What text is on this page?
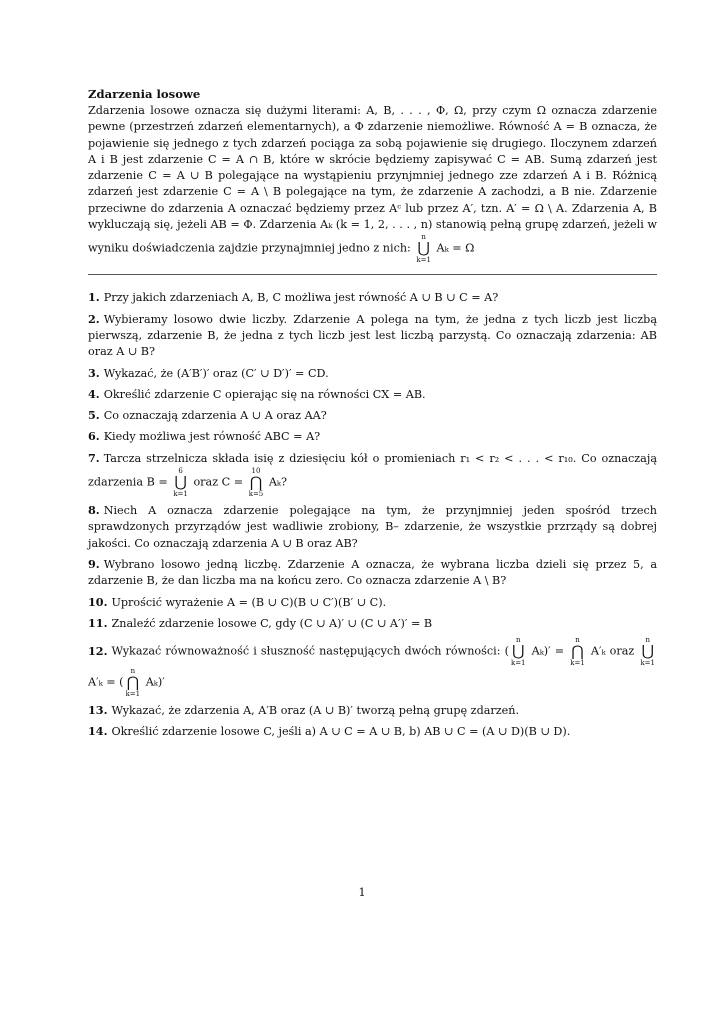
Zdarzenia losowe

Zdarzenia losowe oznacza się dużymi literami: A, B, . . . , Φ, Ω, przy czym Ω oznacza zdarzenie pewne (przestrzeń zdarzeń elementarnych), a Φ zdarzenie niemożliwe. Równość A = B oznacza, że pojawienie się jednego z tych zdarzeń pociąga za sobą pojawienie się drugiego. Iloczynem zdarzeń A i B jest zdarzenie C = A ∩ B, które w skrócie będziemy zapisywać C = AB. Sumą zdarzeń jest zdarzenie C = A ∪ B polegające na wystąpieniu przynjmniej jednego zze zdarzeń A i B. Różnicą zdarzeń jest zdarzenie C = A \ B polegające na tym, że zdarzenie A zachodzi, a B nie. Zdarzenie przeciwne do zdarzenia A oznaczać będziemy przez Aᶜ lub przez A′, tzn. A′ = Ω \ A. Zdarzenia A, B wykluczają się, jeżeli AB = Φ. Zdarzenia Aₖ (k = 1, 2, . . . , n) stanowią pełną grupę zdarzeń, jeżeli w wyniku doświadczenia zajdzie przynajmniej jedno z nich:
n
⋃
k=1
Aₖ = Ω

1. Przy jakich zdarzeniach A, B, C możliwa jest równość A ∪ B ∪ C = A?

2. Wybieramy losowo dwie liczby. Zdarzenie A polega na tym, że jedna z tych liczb jest liczbą pierwszą, zdarzenie B, że jedna z tych liczb jest lest liczbą parzystą. Co oznaczają zdarzenia: AB oraz A ∪ B?

3. Wykazać, że (A′B′)′ oraz (C′ ∪ D′)′ = CD.

4. Określić zdarzenie C opierając się na równości CX = AB.

5. Co oznaczają zdarzenia A ∪ A oraz AA?

6. Kiedy możliwa jest równość ABC = A?

7. Tarcza strzelnicza składa isię z dziesięciu kół o promieniach r₁ < r₂ < . . . < r₁₀. Co oznaczają zdarzenia B =
6
⋃
k=1
oraz C =
10
⋂
k=5
Aₖ?

8. Niech A oznacza zdarzenie polegające na tym, że przynjmniej jeden spośród trzech sprawdzonych przyrządów jest wadliwie zrobiony, B– zdarzenie, że wszystkie przrządy są dobrej jakości. Co oznaczają zdarzenia A ∪ B oraz AB?

9. Wybrano losowo jedną liczbę. Zdarzenie A oznacza, że wybrana liczba dzieli się przez 5, a zdarzenie B, że dan liczba ma na końcu zero. Co oznacza zdarzenie A \ B?

10. Uprościć wyrażenie A = (B ∪ C)(B ∪ C′)(B′ ∪ C).

11. Znaleźć zdarzenie losowe C, gdy (C ∪ A)′ ∪ (C ∪ A′)′ = B

12. Wykazać równoważność i słuszność następujących dwóch równości: (
n
⋃
k=1
Aₖ)′ =
n
⋂
k=1
A′ₖ oraz
n
⋃
k=1
A′ₖ = (
n
⋂
k=1
Aₖ)′

13. Wykazać, że zdarzenia A, A′B oraz (A ∪ B)′ tworzą pełną grupę zdarzeń.

14. Określić zdarzenie losowe C, jeśli a) A ∪ C = A ∪ B, b) AB ∪ C = (A ∪ D)(B ∪ D).

1
